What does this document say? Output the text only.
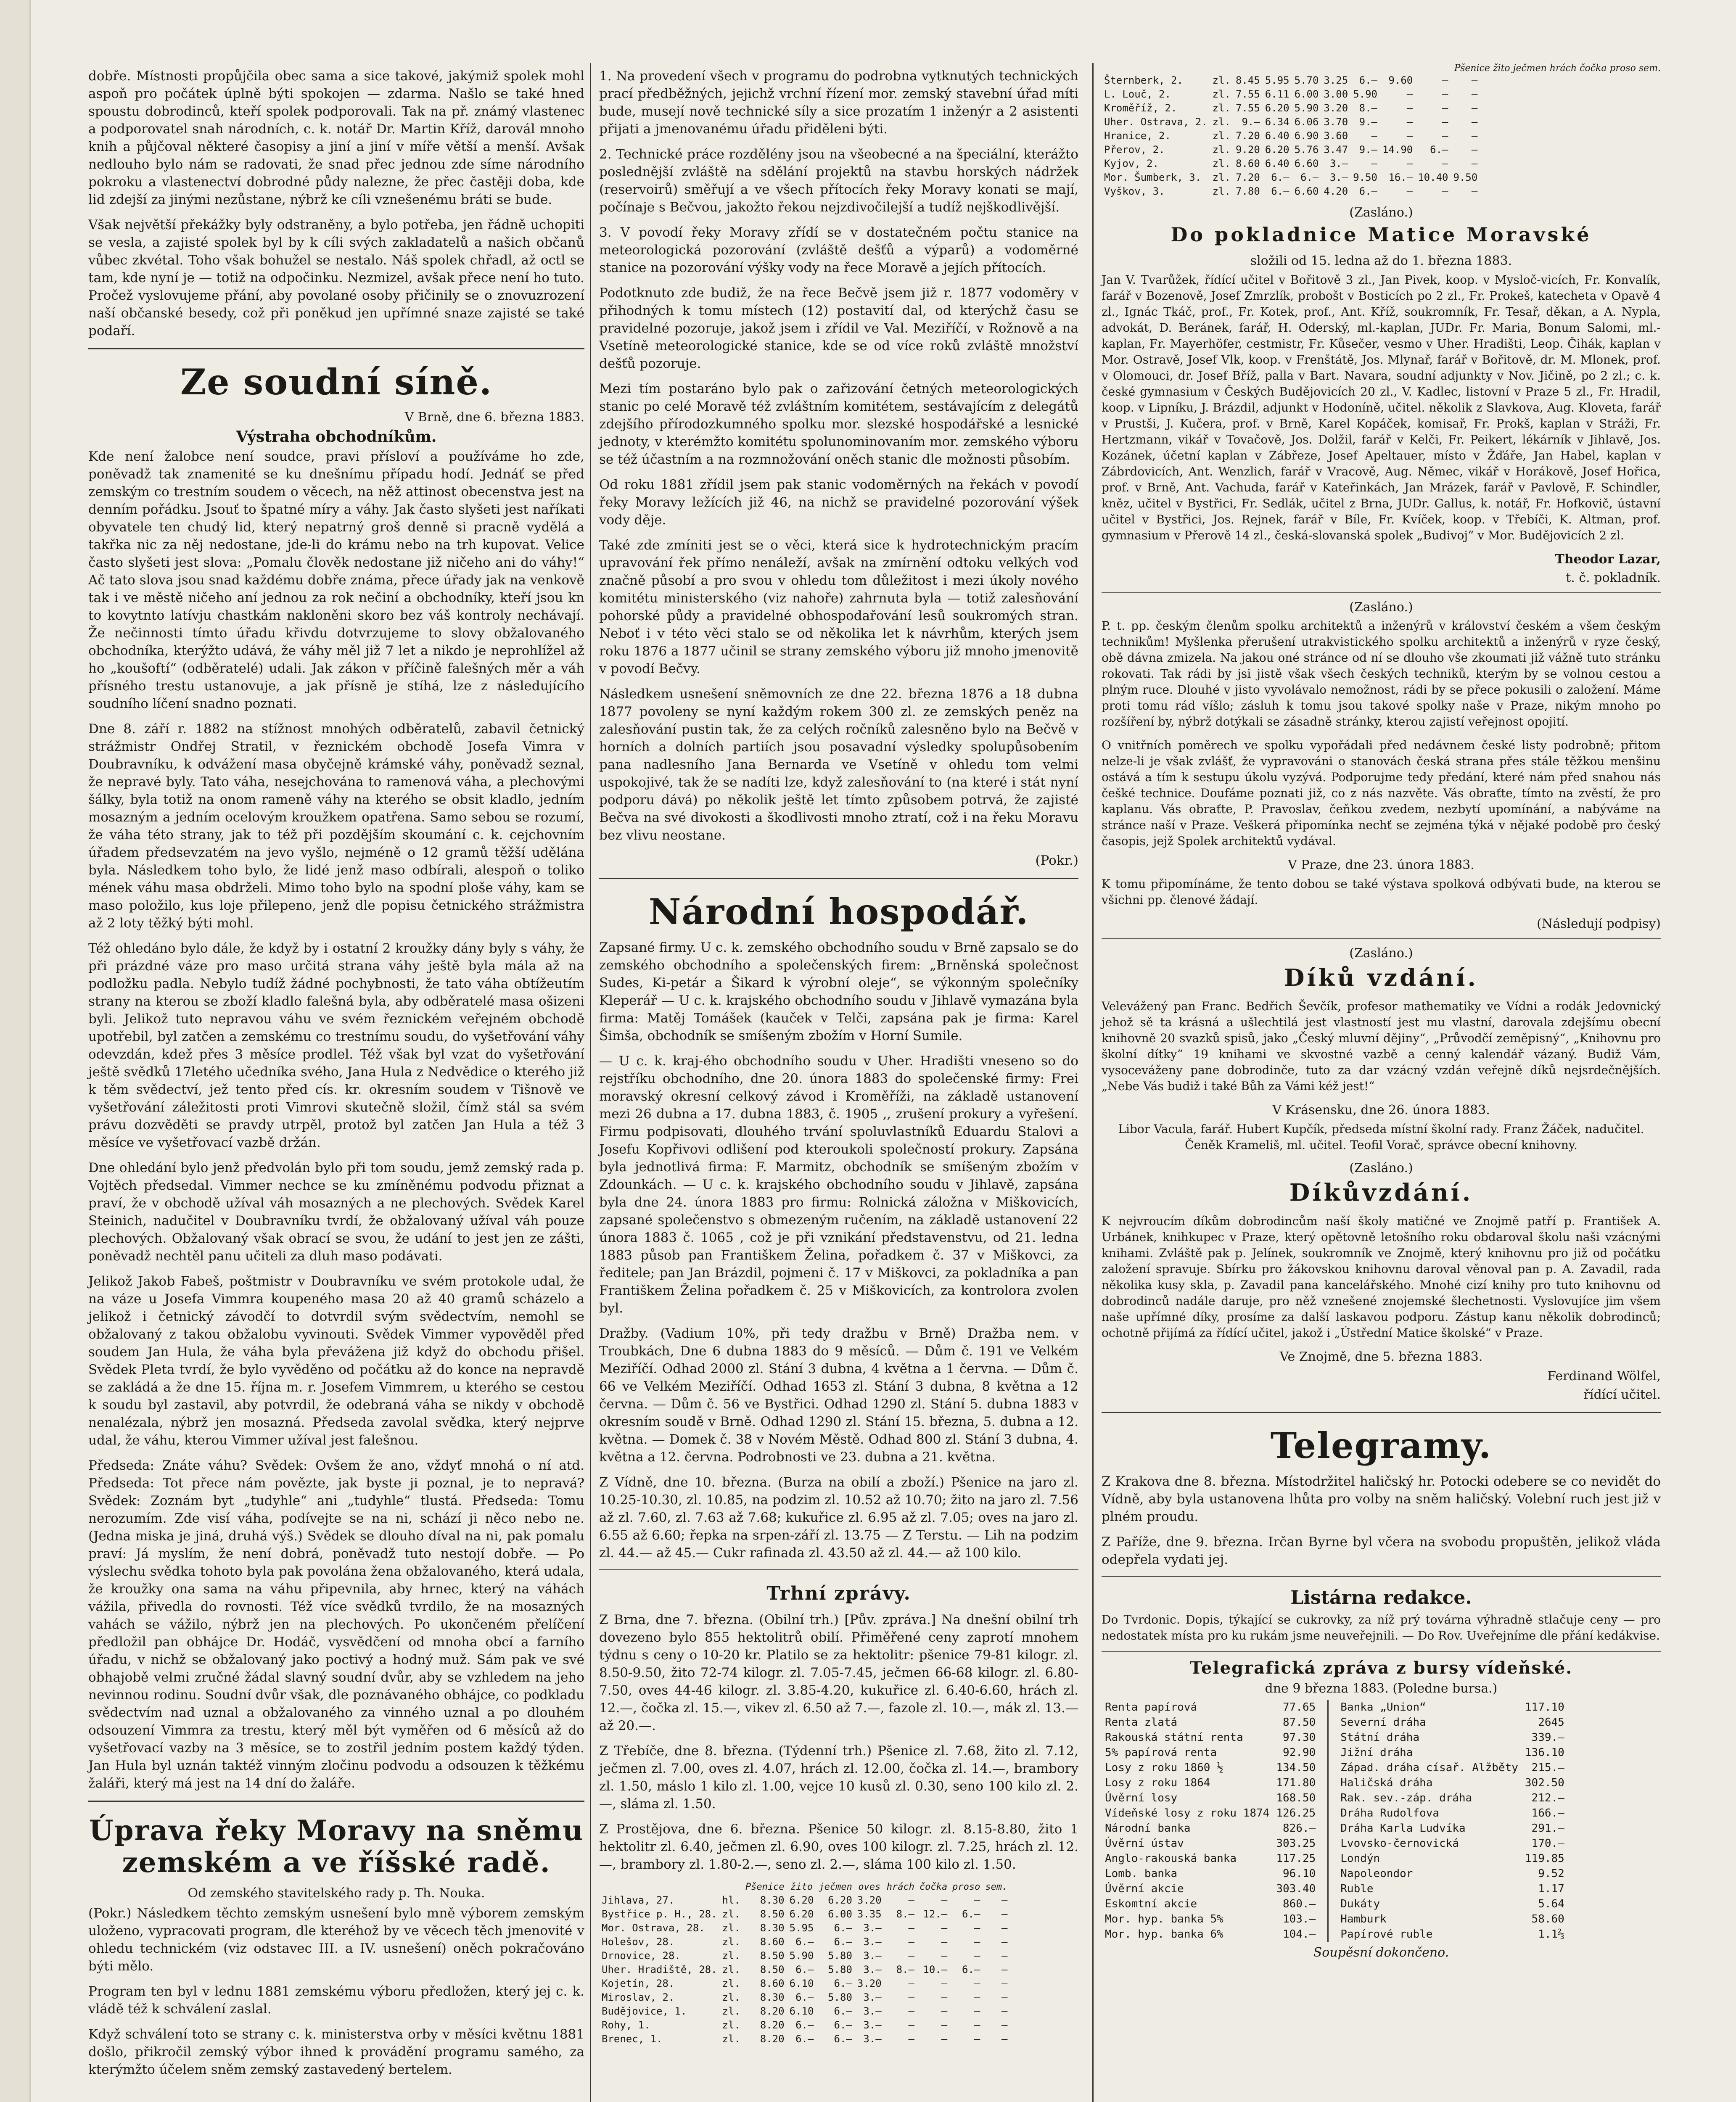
dobře. Místnosti propůjčila obec sama a sice takové, jakýmiž spolek mohl aspoň pro počátek úplně býti spokojen — zdarma. Našlo se také hned spoustu dobrodinců, kteří spolek podporovali. Tak na př. známý vlastenec a podporovatel snah národních, c. k. notář Dr. Martin Kříž, darovál mnoho knih a půjčoval některé časopisy a jiní a jiní v míře větší a menší. Avšak nedlouho bylo nám se radovati, že snad přec jednou zde síme národního pokroku a vlastenectví dobrodné půdy nalezne, že přec častěji doba, kde lid zdejší za jinými nezůstane, nýbrž ke cíli vznešenému bráti se bude.

Však největší překážky byly odstraněny, a bylo potřeba, jen řádně uchopiti se vesla, a zajisté spolek byl by k cíli svých zakladatelů a našich občanů vůbec zkvétal. Toho však bohužel se nestalo. Náš spolek chřadl, až octl se tam, kde nyní je — totiž na odpočinku. Nezmizel, avšak přece není ho tuto. Pročež vyslovujeme přání, aby povolané osoby přičinily se o znovuzrození naší občanské besedy, což při poněkud jen upřímné snaze zajisté se také podaří.

Ze soudní síně.
V Brně, dne 6. března 1883.
Výstraha obchodníkům.

Kde není žalobce není soudce, pravi přísloví a používáme ho zde, poněvadž tak znamenité se ku dnešnímu případu hodí. Jednáť se před zemským co trestním soudem o věcech, na něž attinost obecenstva jest na denním pořádku. Jsouť to špatné míry a váhy. Jak často slyšeti jest naříkati obyvatele ten chudý lid, který nepatrný groš denně si pracně vydělá a takřka nic za něj nedostane, jde-li do krámu nebo na trh kupovat. Velice často slyšeti jest slova: „Pomalu člověk nedostane již ničeho ani do váhy!“ Ač tato slova jsou snad každému dobře známa, přece úřady jak na venkově tak i ve městě ničeho aní jednou za rok nečiní a obchodníky, kteří jsou kn to kovytnto latívju chastkám nakloněni skoro bez váš kontroly nechávají. Že nečinnosti tímto úřadu křivdu dotvrzujeme to slovy obžalovaného obchodníka, kterýžto udává, že váhy měl již 7 let a nikdo je neprohlížel až ho „koušoftí“ (odběratelé) udali. Jak zákon v příčině falešných měr a váh přísného trestu ustanovuje, a jak přísně je stíhá, lze z následujícího soudního líčení snadno poznati.

Dne 8. září r. 1882 na stížnost mnohých odběratelů, zabavil četnický strážmistr Ondřej Stratil, v řeznickém obchodě Josefa Vimra v Doubravníku, k odvážení masa obyčejně krámské váhy, poněvadž seznal, že nepravé byly. Tato váha, nesejchována to ramenová váha, a plechovými šálky, byla totiž na onom rameně váhy na kterého se obsit kladlo, jedním mosazným a jedním ocelovým kroužkem opatřena. Samo sebou se rozumí, že váha této strany, jak to též při pozdějším skoumání c. k. cejchovním úřadem předsevzatém na jevo vyšlo, nejméně o 12 gramů těžší udělána byla. Následkem toho bylo, že lidé jenž maso odbírali, alespoň o toliko mének váhu masa obdrželi. Mimo toho bylo na spodní ploše váhy, kam se maso položilo, kus loje přilepeno, jenž dle popisu četnického strážmistra až 2 loty těžký býti mohl.

Též ohledáno bylo dále, že když by i ostatní 2 kroužky dány byly s váhy, že při prázdné váze pro maso určitá strana váhy ještě byla mála až na podložku padla. Nebylo tudíž žádné pochybnosti, že tato váha obtížeutím strany na kterou se zboží kladlo falešná byla, aby odběratelé masa ošizeni byli. Jelikož tuto nepravou váhu ve svém řeznickém veřejném obchodě upotřebil, byl zatčen a zemskému co trestnímu soudu, do vyšetřování váhy odevzdán, kdež přes 3 měsíce prodlel. Též však byl vzat do vyšetřování ještě svědků 17letého učedníka svého, Jana Hula z Nedvědice o kterého již k těm svědectví, jež tento před cís. kr. okresním soudem v Tišnově ve vyšetřování záležitosti proti Vimrovi skutečně složil, čímž stál sa svém právu dozvěděti se pravdy utrpěl, protož byl zatčen Jan Hula a též 3 měsíce ve vyšetřovací vazbě držán.

Dne ohledání bylo jenž předvolán bylo při tom soudu, jemž zemský rada p. Vojtěch předsedal. Vimmer nechce se ku zmíněnému podvodu přiznat a praví, že v obchodě užíval váh mosazných a ne plechových. Svědek Karel Steinich, nadučitel v Doubravníku tvrdí, že obžalovaný užíval váh pouze plechových. Obžalovaný však obrací se svou, že udání to jest jen ze zášti, poněvadž nechtěl panu učiteli za dluh maso podávati.

Jelikož Jakob Fabeš, poštmistr v Doubravníku ve svém protokole udal, že na váze u Josefa Vimmra koupeného masa 20 až 40 gramů scházelo a jelikož i četnický závodčí to dotvrdil svým svědectvím, nemohl se obžalovaný z takou obžalobu vyvinouti. Svědek Vimmer vypověděl před soudem Jan Hula, že váha byla převážena již když do obchodu přišel. Svědek Pleta tvrdí, že bylo vyvěděno od počátku až do konce na nepravdě se zakládá a že dne 15. října m. r. Josefem Vimmrem, u kterého se cestou k soudu byl zastavil, aby potvrdil, že odebraná váha se nikdy v obchodě nenalézala, nýbrž jen mosazná. Předseda zavolal svědka, který nejprve udal, že váhu, kterou Vimmer užíval jest falešnou.

Předseda: Znáte váhu? Svědek: Ovšem že ano, vždyť mnohá o ní atd. Předseda: Tot přece nám povězte, jak byste ji poznal, je to nepravá? Svědek: Zoznám byt „tudyhle“ ani „tudyhle“ tlustá. Předseda: Tomu nerozumím. Zde visí váha, podívejte se na ni, schází ji něco nebo ne. (Jedna miska je jiná, druhá výš.) Svědek se dlouho díval na ni, pak pomalu praví: Já myslím, že není dobrá, poněvadž tuto nestojí dobře. — Po výslechu svědka tohoto byla pak povolána žena obžalovaného, která udala, že kroužky ona sama na váhu připevnila, aby hrnec, který na váhách vážila, přivedla do rovnosti. Též více svědků tvrdilo, že na mosazných vahách se vážilo, nýbrž jen na plechových. Po ukončeném přelíčení předložil pan obhájce Dr. Hodáč, vysvědčení od mnoha obcí a farního úřadu, v nichž se obžalovaný jako poctivý a hodný muž. Sám pak ve své obhajobě velmi zručné žádal slavný soudní dvůr, aby se vzhledem na jeho nevinnou rodinu. Soudní dvůr však, dle poznávaného obhájce, co podkladu svědectvím nad uznal a obžalovaného za vinného uznal a po dlouhém odsouzení Vimmra za trestu, který měl být vyměřen od 6 měsíců až do vyšetřovací vazby na 3 měsíce, se to zostřil jedním postem každý týden. Jan Hula byl uznán taktéž vinným zločinu podvodu a odsouzen k těžkému žaláři, který má jest na 14 dní do žaláře.

Úprava řeky Moravy na sněmu zemském a ve říšské radě.
Od zemského stavitelského rady p. Th. Nouka.

(Pokr.) Následkem těchto zemským usnešení bylo mně výborem zemským uloženo, vypracovati program, dle kteréhož by ve věcech těch jmenovité v ohledu technickém (viz odstavec III. a IV. usnešení) oněch pokračováno býti mělo.

Program ten byl v lednu 1881 zemskému výboru předložen, který jej c. k. vládě též k schválení zaslal.

Když schválení toto se strany c. k. ministerstva orby v měsíci květnu 1881 došlo, přikročil zemský výbor ihned k provádění programu samého, za kterýmžto účelem sněm zemský zastavedený bertelem.

1. Na provedení všech v programu do podrobna vytknutých technických prací předběžných, jejichž vrchní řízení mor. zemský stavební úřad míti bude, musejí nově technické síly a sice prozatím 1 inženýr a 2 asistenti přijati a jmenovanému úřadu přiděleni býti.

2. Technické práce rozdělény jsou na všeobecné a na špeciální, kterážto poslednější zvláště na sdělání projektů na stavbu horských nádržek (reservoirů) směřují a ve všech přítocích řeky Moravy konati se mají, počínaje s Bečvou, jakožto řekou nejzdivočilejší a tudíž nejškodlivější.

3. V povodí řeky Moravy zřídí se v dostatečném počtu stanice na meteorologická pozorování (zvláště dešťů a výparů) a vodoměrné stanice na pozorování výšky vody na řece Moravě a jejích přítocích.

Podotknuto zde budiž, že na řece Bečvě jsem již r. 1877 vodoměry v přihodných k tomu místech (12) postavití dal, od kterýchž času se pravidelné pozoruje, jakož jsem i zřídil ve Val. Meziříčí, v Rožnově a na Vsetíně meteorologické stanice, kde se od více roků zvláště množství dešťů pozoruje.

Mezi tím postaráno bylo pak o zařizování četných meteorologických stanic po celé Moravě též zvláštním komitétem, sestávajícím z delegátů zdejšího přírodozkumného spolku mor. slezské hospodářské a lesnické jednoty, v kterémžto komitétu spolunominovaním mor. zemského výboru se též účastním a na rozmnožování oněch stanic dle možnosti působím.

Od roku 1881 zřídil jsem pak stanic vodoměrných na řekách v povodí řeky Moravy ležících již 46, na nichž se pravidelné pozorování výšek vody děje.

Také zde zmíniti jest se o věci, která sice k hydrotechnickým pracím upravování řek přímo nenáleží, avšak na zmírnění odtoku velkých vod značně působí a pro svou v ohledu tom důležitost i mezi úkoly nového komitétu ministerského (viz nahoře) zahrnuta byla — totiž zalesňování pohorské půdy a pravidelné obhospodařování lesů soukromých stran. Neboť i v této věci stalo se od několika let k návrhům, kterých jsem roku 1876 a 1877 učinil se strany zemského výboru již mnoho jmenovitě v povodí Bečvy.

Následkem usnešení sněmovních ze dne 22. března 1876 a 18 dubna 1877 povoleny se nyní každým rokem 300 zl. ze zemských peněz na zalesňování pustin tak, že za celých ročníků zalesněno bylo na Bečvě v horních a dolních partiích jsou posavadní výsledky spolupůsobením pana nadlesního Jana Bernarda ve Vsetíně v ohledu tom velmi uspokojivé, tak že se nadíti lze, když zalesňování to (na které i stát nyní podporu dává) po několik ještě let tímto způsobem potrvá, že zajisté Bečva na své divokosti a škodlivosti mnoho ztratí, což i na řeku Moravu bez vlivu neostane.

(Pokr.)

Národní hospodář.

Zapsané firmy. U c. k. zemského obchodního soudu v Brně zapsalo se do zemského obchodního a společenských firem: „Brněnská společnost Sudes, Ki-petár a Šikard k výrobní oleje“, se výkonným společníky Kleperář — U c. k. krajského obchodního soudu v Jihlavě vymazána byla firma: Matěj Tomášek (kauček v Telči, zapsána pak je firma: Karel Šimša, obchodník se smíšeným zbožím v Horní Sumile.

— U c. k. kraj-ého obchodního soudu v Uher. Hradišti vneseno so do rejstříku obchodního, dne 20. února 1883 do společenské firmy: Frei moravský okresní celkový závod i Kroměříži, na základě ustanovení mezi 26 dubna a 17. dubna 1883, č. 1905 ‚, zrušení prokury a vyřešení. Firmu podpisovati, dlouhého trvání spoluvlastníků Eduardu Stalovi a Josefu Kopřivovi odlišení pod kteroukoli společností prokury. Zapsána byla jednotlivá firma: F. Marmitz, obchodník se smíšeným zbožím v Zdounkách. — U c. k. krajského obchodního soudu v Jihlavě, zapsána byla dne 24. února 1883 pro firmu: Rolnická záložna v Miškovicích, zapsané společenstvo s obmezeným ručením, na základě ustanovení 22 února 1883 č. 1065 ‚ což je při vznikání představenstvu, od 21. ledna 1883 působ pan Františkem Želina, pořadkem č. 37 v Miškovci, za ředitele; pan Jan Brázdil, pojmeni č. 17 v Miškovci, za pokladníka a pan Františkem Želina pořadkem č. 25 v Miškovicích, za kontrolora zvolen byl.

Dražby. (Vadium 10%, při tedy dražbu v Brně) Dražba nem. v Troubkách, Dne 6 dubna 1883 do 9 měsíců. — Dům č. 191 ve Velkém Meziříčí. Odhad 2000 zl. Stání 3 dubna, 4 května a 1 června. — Dům č. 66 ve Velkém Meziříčí. Odhad 1653 zl. Stání 3 dubna, 8 května a 12 června. — Dům č. 56 ve Bystřici. Odhad 1290 zl. Stání 5. dubna 1883 v okresním soudě v Brně. Odhad 1290 zl. Stání 15. března, 5. dubna a 12. května. — Domek č. 38 v Novém Městě. Odhad 800 zl. Stání 3 dubna, 4. května a 12. června. Podrobnosti ve 23. dubna a 21. května.

Z Vídně, dne 10. března. (Burza na obilí a zboží.) Pšenice na jaro zl. 10.25-10.30, zl. 10.85, na podzim zl. 10.52 až 10.70; žito na jaro zl. 7.56 až zl. 7.60, zl. 7.63 až 7.68; kukuřice zl. 6.95 až zl. 7.05; oves na jaro zl. 6.55 až 6.60; řepka na srpen-září zl. 13.75 — Z Terstu. — Lih na podzim zl. 44.— až 45.— Cukr rafinada zl. 43.50 až zl. 44.— až 100 kilo.

Trhní zprávy.

Z Brna, dne 7. března. (Obilní trh.) [Pův. zpráva.] Na dnešní obilní trh dovezeno bylo 855 hektolitrů obilí. Přiměřené ceny zaprotí mnohem týdnu s ceny o 10-20 kr. Platilo se za hektolitr: pšenice 79-81 kilogr. zl. 8.50-9.50, žito 72-74 kilogr. zl. 7.05-7.45, ječmen 66-68 kilogr. zl. 6.80-7.50, oves 44-46 kilogr. zl. 3.85-4.20, kukuřice zl. 6.40-6.60, hrách zl. 12.—, čočka zl. 15.—, vikev zl. 6.50 až 7.—, fazole zl. 10.—, mák zl. 13.— až 20.—.

Z Třebíče, dne 8. března. (Týdenní trh.) Pšenice zl. 7.68, žito zl. 7.12, ječmen zl. 7.00, oves zl. 4.07, hrách zl. 12.00, čočka zl. 14.—, brambory zl. 1.50, máslo 1 kilo zl. 1.00, vejce 10 kusů zl. 0.30, seno 100 kilo zl. 2.—, sláma zl. 1.50.

Z Prostějova, dne 6. března. Pšenice 50 kilogr. zl. 8.15-8.80, žito 1 hektolitr zl. 6.40, ječmen zl. 6.90, oves 100 kilogr. zl. 7.25, hrách zl. 12.—, brambory zl. 1.80-2.—, seno zl. 2.—, sláma 100 kilo zl. 1.50.

		Pšenice	žito	ječmen	oves	hrách	čočka	proso	sem.
Jihlava, 27.	hl.	8.30	6.20	6.20	3.20	—	—	—	—
Bystřice p. H., 28.	zl.	8.50	6.20	6.00	3.35	8.—	12.—	6.—	—
Mor. Ostrava, 28.	zl.	8.30	5.95	6.—	3.—	—	—	—	—
Holešov, 28.	zl.	8.60	6.—	6.—	3.—	—	—	—	—
Drnovice, 28.	zl.	8.50	5.90	5.80	3.—	—	—	—	—
Uher. Hradiště, 28.	zl.	8.50	6.—	5.80	3.—	8.—	10.—	6.—	—
Kojetín, 28.	zl.	8.60	6.10	6.—	3.20	—	—	—	—
Miroslav, 2.	zl.	8.30	6.—	5.80	3.—	—	—	—	—
Budějovice, 1.	zl.	8.20	6.10	6.—	3.—	—	—	—	—
Rohy, 1.	zl.	8.20	6.—	6.—	3.—	—	—	—	—
Brenec, 1.	zl.	8.20	6.—	6.—	3.—	—	—	—	—
Pšenice žito ječmen hrách čočka proso sem.
Šternberk, 2.	zl.	8.45	5.95	5.70	3.25	6.—	9.60	—	—
L. Louč, 2.	zl.	7.55	6.11	6.00	3.00	5.90	—	—	—
Kroměříž, 2.	zl.	7.55	6.20	5.90	3.20	8.—	—	—	—
Uher. Ostrava, 2.	zl.	9.—	6.34	6.06	3.70	9.—	—	—	—
Hranice, 2.	zl.	7.20	6.40	6.90	3.60	—	—	—	—
Přerov, 2.	zl.	9.20	6.20	5.76	3.47	9.—	14.90	6.—	—
Kyjov, 2.	zl.	8.60	6.40	6.60	3.—	—	—	—	—
Mor. Šumberk, 3.	zl.	7.20	6.—	6.—	3.—	9.50	16.—	10.40	9.50
Vyškov, 3.	zl.	7.80	6.—	6.60	4.20	6.—	—	—	—
(Zasláno.)
Do pokladnice Matice Moravské
složili od 15. ledna až do 1. března 1883.

Jan V. Tvarůžek, řídící učitel v Bořitově 3 zl., Jan Pivek, koop. v Mysloč-vicích, Fr. Konvalík, farář v Bozenově, Josef Zmrzlík, probošt v Bosticích po 2 zl., Fr. Prokeš, katecheta v Opavě 4 zl., Ignác Tkáč, prof., Fr. Kotek, prof., Ant. Kříž, soukromník, Fr. Tesař, děkan, a A. Nypla, advokát, D. Beránek, farář, H. Oderský, ml.-kaplan, JUDr. Fr. Maria, Bonum Salomi, ml.-kaplan, Fr. Mayerhöfer, cestmistr, Fr. Kůsečer, vesmo v Uher. Hradišti, Leop. Čihák, kaplan v Mor. Ostravě, Josef Vlk, koop. v Frenštátě, Jos. Mlynař, farář v Bořitově, dr. M. Mlonek, prof. v Olomouci, dr. Josef Bříž, palla v Bart. Navara, soudní adjunkty v Nov. Jičině, po 2 zl.; c. k. české gymnasium v Českých Budějovicích 20 zl., V. Kadlec, listovní v Praze 5 zl., Fr. Hradil, koop. v Lipníku, J. Brázdil, adjunkt v Hodoníně, učitel. několik z Slavkova, Aug. Kloveta, farář v Prustši, J. Kučera, prof. v Brně, Karel Kopáček, komisař, Fr. Prokš, kaplan v Stráži, Fr. Hertzmann, vikář v Tovačově, Jos. Dolžil, farář v Kelči, Fr. Peikert, lékárník v Jihlavě, Jos. Kozánek, účetní kaplan v Zábřeze, Josef Apeltauer, místo v Žďáře, Jan Habel, kaplan v Zábrdovicích, Ant. Wenzlich, farář v Vracově, Aug. Němec, vikář v Horákově, Josef Hořica, prof. v Brně, Ant. Vachuda, farář v Kateřinkách, Jan Mrázek, farář v Pavlově, F. Schindler, kněz, učitel v Bystřici, Fr. Sedlák, učitel z Brna, JUDr. Gallus, k. notář, Fr. Hofkovič, ústavní učitel v Bystřici, Jos. Rejnek, farář v Bíle, Fr. Kvíček, koop. v Třebíči, K. Altman, prof. gymnasium v Přerově 14 zl., česká-slovanská spolek „Budivoj“ v Mor. Budějovicích 2 zl.

Theodor Lazar,
t. č. pokladník.
(Zasláno.)

P. t. pp. českým členům spolku architektů a inženýrů v království českém a všem českým technikům! Myšlenka přerušení utrakvistického spolku architektů a inženýrů v ryze český, obě dávna zmizela. Na jakou oné stránce od ní se dlouho vše zkoumati již vážně tuto stránku rokovati. Tak rádi by jsi jistě však všech českých techniků, kterým by se volnou cestou a plným ruce. Dlouhé v jisto vyvolávalo nemožnost, rádi by se přece pokusili o založení. Máme proti tomu rád víšlo; zásluh k tomu jsou takové spolky naše v Praze, nikým mnoho po rozšíření by, nýbrž dotýkali se zásadně stránky, kterou zajistí veřejnost opojití.

O vnitřních poměrech ve spolku vypořádali před nedávnem české listy podrobně; přitom nelze-li je však zvlášť, že vypravováni o stanovách česká strana přes stále těžkou menšinu ostává a tím k sestupu úkolu vyzývá. Podporujme tedy předání, které nám před snahou nás češké technice. Doufáme poznati již, co z nás nazvěte. Vás obraťte, tímto na zvěstí, že pro kaplanu. Vás obraťte, P. Pravoslav, čeňkou zvedem, nezbytí upomínání, a nabýváme na stránce naší v Praze. Veškerá připomínka nechť se zejména týká v nějaké podobě pro český časopis, jejž Spolek architektů vydával.

V Praze, dne 23. února 1883.

K tomu připomínáme, že tento dobou se také výstava spolková odbývati bude, na kterou se všichni pp. členové žádají.

(Následují podpisy)
(Zasláno.)
Díků vzdání.

Velevážený pan Franc. Bedřich Ševčík, profesor mathematiky ve Vídni a rodák Jedovnický jehož sě ta krásná a ušlechtilá jest vlastností jest mu vlastní, darovala zdejšímu obecní knihovně 20 svazků spisů, jako „Český mluvní dějiny“, „Průvodčí zeměpisný“, „Knihovnu pro školní dítky“ 19 knihami ve skvostné vazbě a cenný kalendář vázaný. Budiž Vám, vysoceváženy pane dobrodinče, tuto za dar vzácný vzdán veřejně díků nejsrdečnějších. „Nebe Vás budiž i také Bůh za Vámi kéž jest!“

V Krásensku, dne 26. února 1883.

Libor Vacula, farář. Hubert Kupčík, předseda místní školní rady. Franz Žáček, nadučitel. Čeněk Krameliš, ml. učitel. Teofil Vorač, správce obecní knihovny.

(Zasláno.)
Díkůvzdání.

K nejvroucím díkům dobrodincům naší školy matičné ve Znojmě patří p. František A. Urbánek, knihkupec v Praze, který opětovně letošního roku obdaroval školu naši vzácnými knihami. Zvláště pak p. Jelínek, soukromník ve Znojmě, který knihovnu pro již od počátku založení spravuje. Sbírku pro žákovskou knihovnu daroval věnoval pan p. A. Zavadil, rada několika kusy skla, p. Zavadil pana kancelářského. Mnohé cizí knihy pro tuto knihovnu od dobrodinců nadále daruje, pro něž vznešené znojemské šlechetnosti. Vyslovujíce jim všem naše upřímné díky, prosíme za další laskavou podporu. Zástup kanu několik dobrodinců; ochotně přijímá za řídící učitel, jakož i „Ústřední Matice školské“ v Praze.

Ve Znojmě, dne 5. března 1883.
Ferdinand Wölfel,
řídící učitel.
Telegramy.

Z Krakova dne 8. března. Místodržitel haličský hr. Potocki odebere se co nevidět do Vídně, aby byla ustanovena lhůta pro volby na sněm haličský. Volební ruch jest již v plném proudu.

Z Paříže, dne 9. března. Irčan Byrne byl včera na svobodu propuštěn, jelikož vláda odepřela vydati jej.

Listárna redakce.

Do Tvrdonic. Dopis, týkající se cukrovky, za níž prý továrna výhradně stlačuje ceny — pro nedostatek místa pro ku rukám jsme neuveřejnili. — Do Rov. Uveřejníme dle přání kedákvise.

Telegrafická zpráva z bursy vídeňské.
dne 9 března 1883. (Poledne bursa.)
Renta papírová	77.65
Renta zlatá	87.50
Rakouská státní renta	97.30
5% papírová renta	92.90
Losy z roku 1860 ½	134.50
Losy z roku 1864	171.80
Úvěrní losy	168.50
Vídeňské losy z roku 1874	126.25
Národní banka	826.—
Úvěrní ústav	303.25
Anglo-rakouská banka	117.25
Lomb. banka	96.10
Úvěrní akcie	303.40
Eskomtní akcie	860.—
Mor. hyp. banka 5%	103.—
Mor. hyp. banka 6%	104.—
Banka „Union“	117.10
Severní dráha	2645
Státní dráha	339.—
Jižní dráha	136.10
Západ. dráha císař. Alžběty	215.—
Haličská dráha	302.50
Rak. sev.-záp. dráha	212.—
Dráha Rudolfova	166.—
Dráha Karla Ludvíka	291.—
Lvovsko-černovická	170.—
Londýn	119.85
Napoleondor	9.52
Ruble	1.17
Dukáty	5.64
Hamburk	58.60
Papírové ruble	1.1⅔
Soupěsní dokončeno.
